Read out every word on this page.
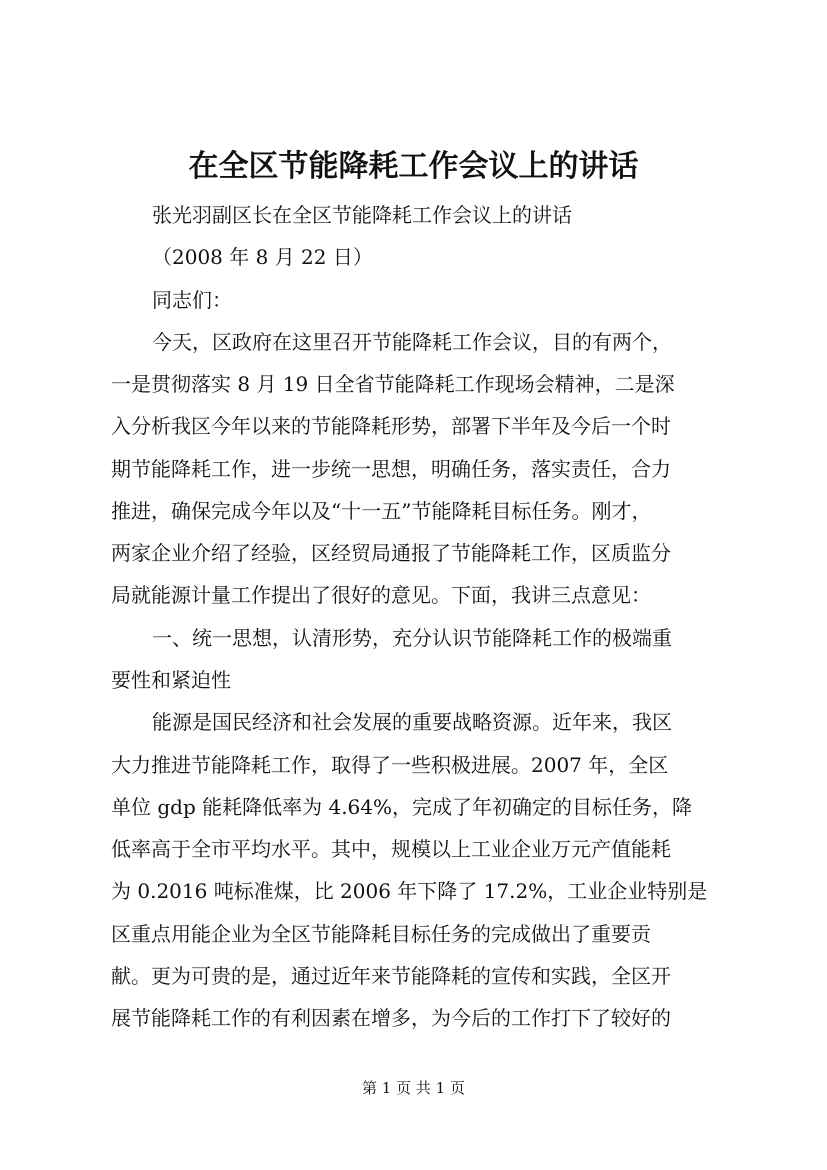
在全区节能降耗工作会议上的讲话
张光羽副区长在全区节能降耗工作会议上的讲话
（2008 年 8 月 22 日）
同志们：
今天，区政府在这里召开节能降耗工作会议，目的有两个，
一是贯彻落实 8 月 19 日全省节能降耗工作现场会精神，二是深
入分析我区今年以来的节能降耗形势，部署下半年及今后一个时
期节能降耗工作，进一步统一思想，明确任务，落实责任，合力
推进，确保完成今年以及“十一五”节能降耗目标任务。刚才，
两家企业介绍了经验，区经贸局通报了节能降耗工作，区质监分
局就能源计量工作提出了很好的意见。下面，我讲三点意见：
一、统一思想，认清形势，充分认识节能降耗工作的极端重
要性和紧迫性
能源是国民经济和社会发展的重要战略资源。近年来，我区
大力推进节能降耗工作，取得了一些积极进展。2007 年，全区
单位 gdp 能耗降低率为 4.64%，完成了年初确定的目标任务，降
低率高于全市平均水平。其中，规模以上工业企业万元产值能耗
为 0.2016 吨标准煤，比 2006 年下降了 17.2%，工业企业特别是
区重点用能企业为全区节能降耗目标任务的完成做出了重要贡
献。更为可贵的是，通过近年来节能降耗的宣传和实践，全区开
展节能降耗工作的有利因素在增多，为今后的工作打下了较好的
第 1 页 共 1 页
